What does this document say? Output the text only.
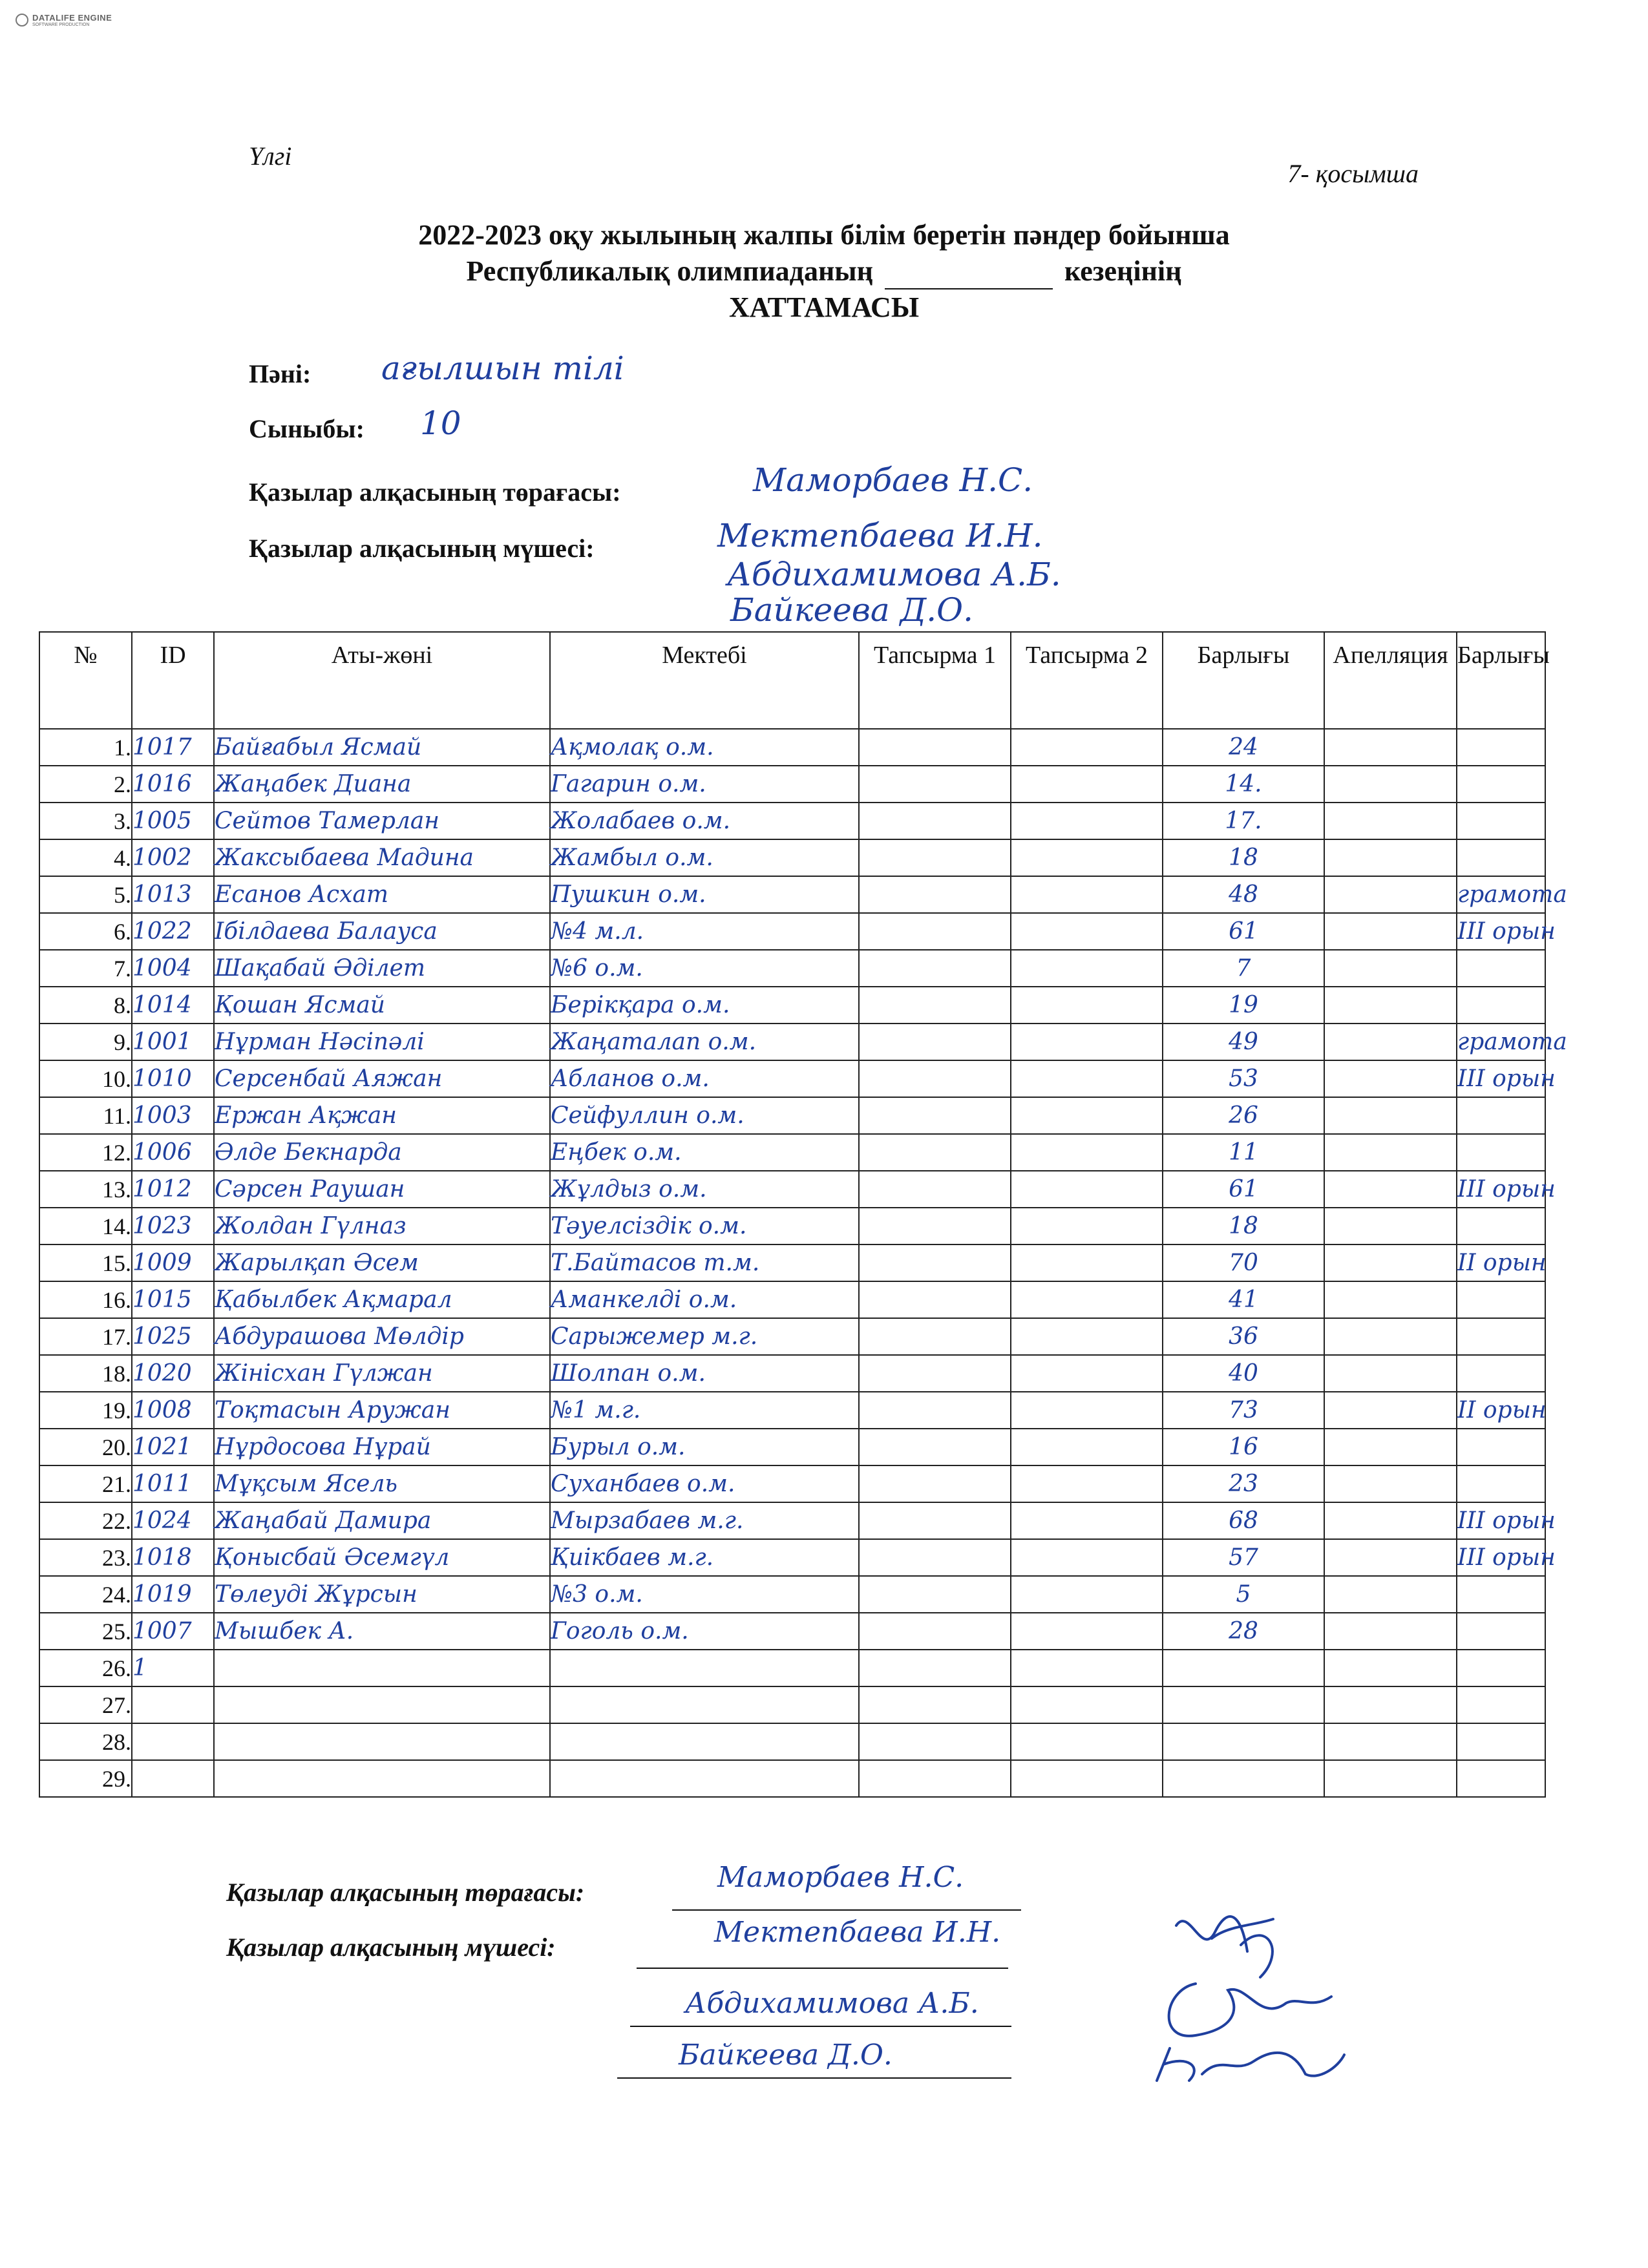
DATALIFE ENGINE
SOFTWARE PRODUCTION
Үлгі
7- қосымша
2022-2023 оқу жылының жалпы білім беретін пәндер бойынша
Республикалық олимпиаданың	кезеңінің
ХАТТАМАСЫ
Пәні: ағылшын тілі
Сыныбы: 10
Қазылар алқасының төрағасы:	Маморбаев Н.С.
Қазылар алқасының мүшесі:	Мектепбаева И.Н.
Абдихамимова А.Б.
Байкеева Д.О.
№	ID	Аты-жөні	Мектебі	Тапсырма 1	Тапсырма 2	Барлығы	Апелляция	Барлығы
1.	1017	Байғабыл Ясмай	Ақмолақ о.м.			24		
2.	1016	Жаңабек Диана	Гагарин о.м.			14.		
3.	1005	Сейтов Тамерлан	Жолабаев о.м.			17.		
4.	1002	Жаксыбаева Мадина	Жамбыл о.м.			18		
5.	1013	Есанов Асхат	Пушкин о.м.			48		грамота
6.	1022	Ібілдаева Балауса	№4 м.л.			61		III орын
7.	1004	Шақабай Әділет	№6 о.м.			7		
8.	1014	Қошан Ясмай	Берікқара о.м.			19		
9.	1001	Нұрман Нәсіпәлі	Жаңаталап о.м.			49		грамота
10.	1010	Серсенбай Аяжан	Абланов о.м.			53		III орын
11.	1003	Ержан Ақжан	Сейфуллин о.м.			26		
12.	1006	Әлде Бекнарда	Еңбек о.м.			11		
13.	1012	Сәрсен Раушан	Жұлдыз о.м.			61		III орын
14.	1023	Жолдан Гүлназ	Тәуелсіздік о.м.			18		
15.	1009	Жарылқап Әсем	Т.Байтасов т.м.			70		II орын
16.	1015	Қабылбек Ақмарал	Аманкелді о.м.			41		
17.	1025	Абдурашова Мөлдір	Сарыжемер м.г.			36		
18.	1020	Жінісхан Гүлжан	Шолпан о.м.			40		
19.	1008	Тоқтасын Аружан	№1 м.г.			73		II орын
20.	1021	Нұрдосова Нұрай	Бурыл о.м.			16		
21.	1011	Мұқсым Ясель	Суханбаев о.м.			23		
22.	1024	Жаңабай Дамира	Мырзабаев м.г.			68		III орын
23.	1018	Қонысбай Әсемгүл	Қиікбаев м.г.			57		III орын
24.	1019	Төлеуді Жұрсын	№3 о.м.			5		
25.	1007	Мышбек А.	Гоголь о.м.			28		
26.	1							
27.								
28.								
29.								
Қазылар алқасының төрағасы:	Маморбаев Н.С.
Қазылар алқасының мүшесі:	Мектепбаева И.Н.
Абдихамимова А.Б.
Байкеева Д.О.
